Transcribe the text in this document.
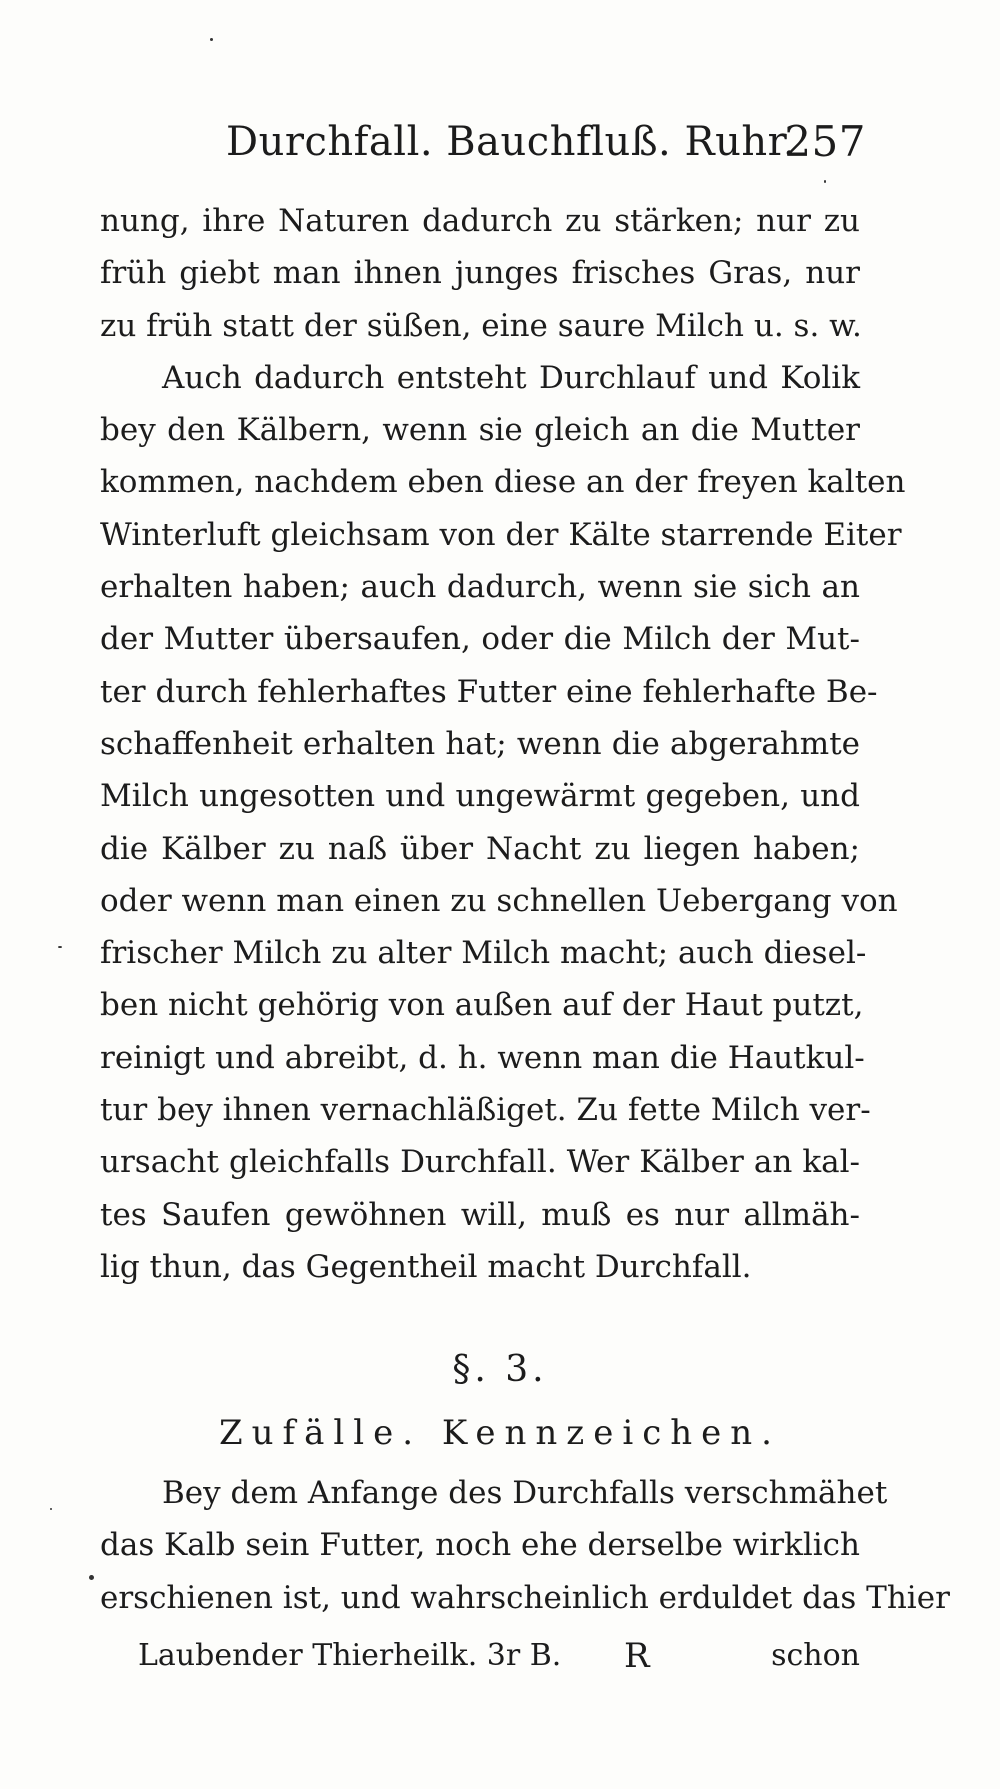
Durchfall. Bauchfluß. Ruhr.
257
nung, ihre Naturen dadurch zu stärken; nur zu
früh giebt man ihnen junges frisches Gras, nur
zu früh statt der süßen, eine saure Milch u. s. w.
Auch dadurch entsteht Durchlauf und Kolik
bey den Kälbern, wenn sie gleich an die Mutter
kommen, nachdem eben diese an der freyen kalten
Winterluft gleichsam von der Kälte starrende Eiter
erhalten haben; auch dadurch, wenn sie sich an
der Mutter übersaufen, oder die Milch der Mut-
ter durch fehlerhaftes Futter eine fehlerhafte Be-
schaffenheit erhalten hat; wenn die abgerahmte
Milch ungesotten und ungewärmt gegeben, und
die Kälber zu naß über Nacht zu liegen haben;
oder wenn man einen zu schnellen Uebergang von
frischer Milch zu alter Milch macht; auch diesel-
ben nicht gehörig von außen auf der Haut putzt,
reinigt und abreibt, d. h. wenn man die Hautkul-
tur bey ihnen vernachläßiget. Zu fette Milch ver-
ursacht gleichfalls Durchfall. Wer Kälber an kal-
tes Saufen gewöhnen will, muß es nur allmäh-
lig thun, das Gegentheil macht Durchfall.
§. 3.
Zufälle. Kennzeichen.
Bey dem Anfange des Durchfalls verschmähet
das Kalb sein Futter, noch ehe derselbe wirklich
erschienen ist, und wahrscheinlich erduldet das Thier
Laubender Thierheilk. 3r B. R	schon
